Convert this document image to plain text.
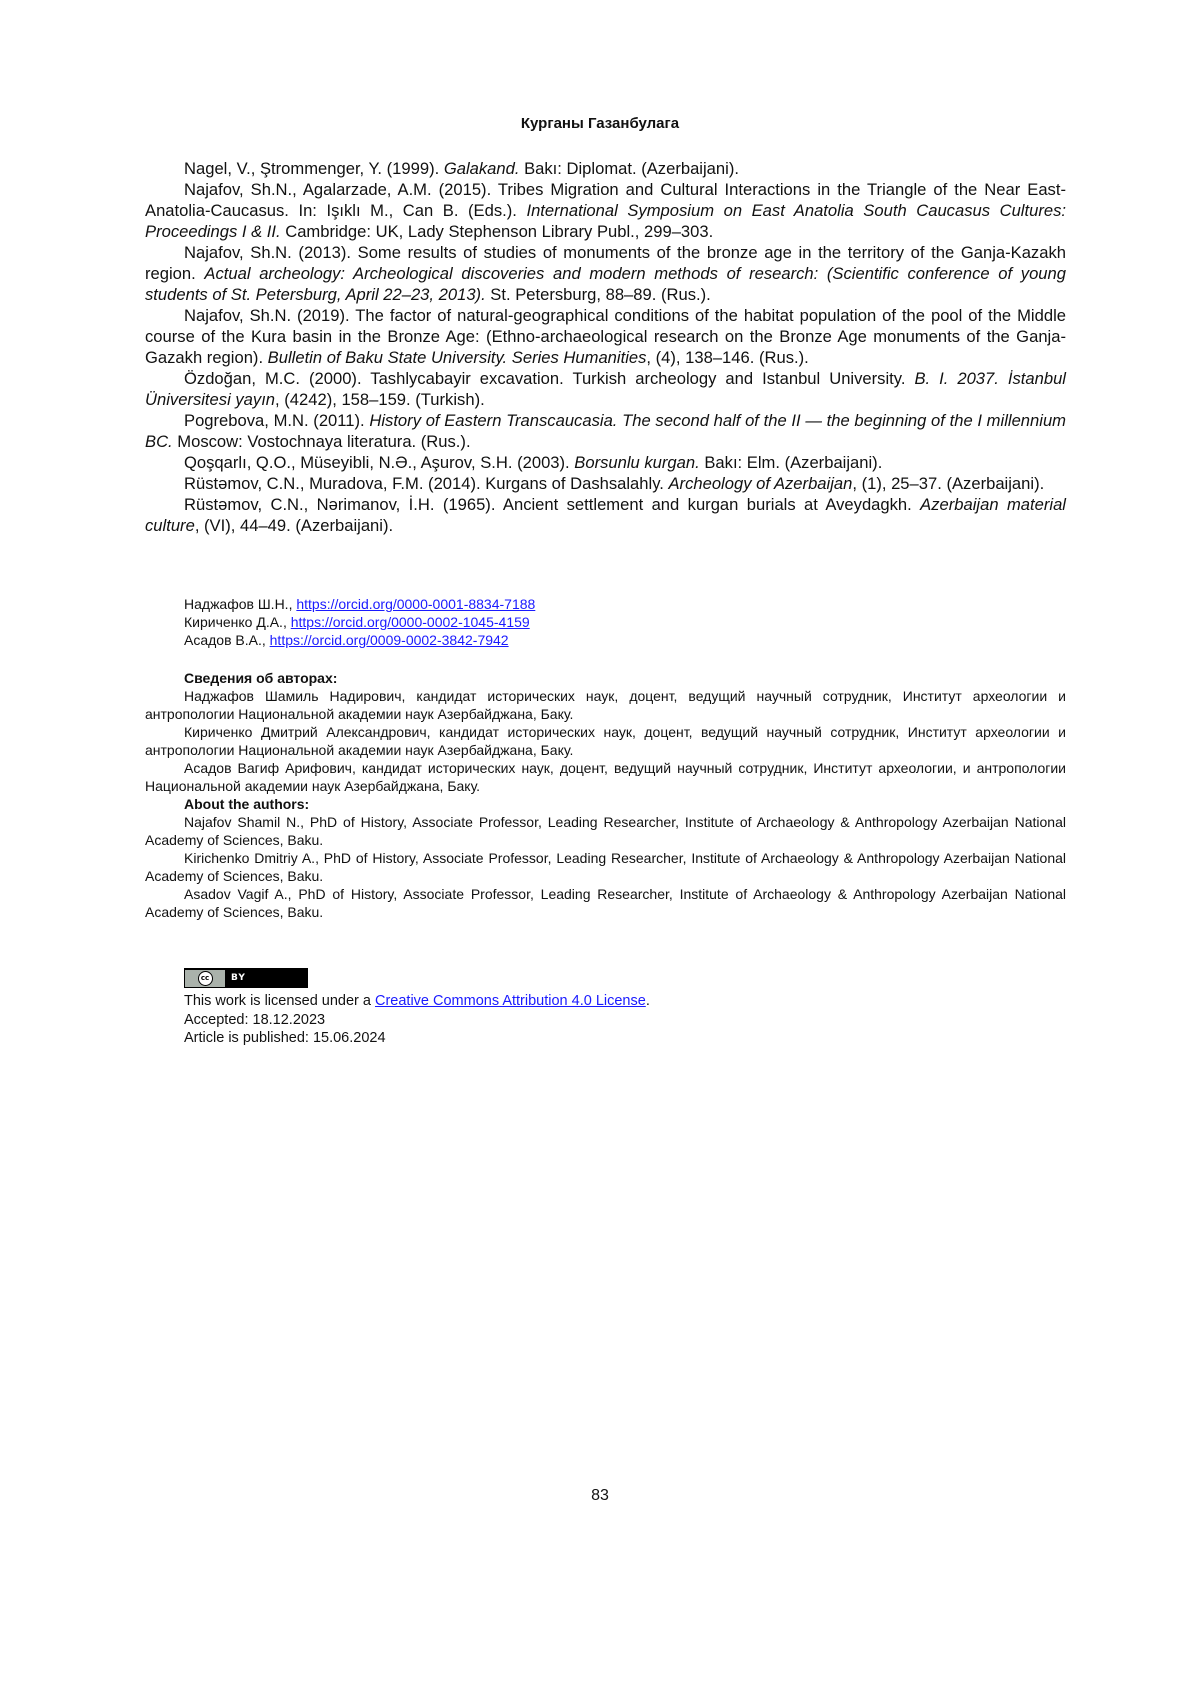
Курганы Газанбулага

Nagel, V., Ştrommenger, Y. (1999). Galakand. Bakı: Diplomat. (Azerbaijani).

Najafov, Sh.N., Agalarzade, A.M. (2015). Tribes Migration and Cultural Interactions in the Triangle of the Near East-Anatolia-Caucasus. In: Işıklı M., Can B. (Eds.). International Symposium on East Anatolia South Caucasus Cultures: Proceedings I & II. Cambridge: UK, Lady Stephenson Library Publ., 299–303.

Najafov, Sh.N. (2013). Some results of studies of monuments of the bronze age in the territory of the Ganja-Kazakh region. Actual archeology: Archeological discoveries and modern methods of research: (Scientific conference of young students of St. Petersburg, April 22–23, 2013). St. Petersburg, 88–89. (Rus.).

Najafov, Sh.N. (2019). The factor of natural-geographical conditions of the habitat population of the pool of the Middle course of the Kura basin in the Bronze Age: (Ethno-archaeological research on the Bronze Age monuments of the Ganja-Gazakh region). Bulletin of Baku State University. Series Humanities, (4), 138–146. (Rus.).

Özdoğan, M.C. (2000). Tashlycabayir excavation. Turkish archeology and Istanbul University. B. I. 2037. İstanbul Üniversitesi yayın, (4242), 158–159. (Turkish).

Pogrebova, M.N. (2011). History of Eastern Transcaucasia. The second half of the II — the beginning of the I millennium BC. Moscow: Vostochnaya literatura. (Rus.).

Qoşqarlı, Q.O., Müseyibli, N.Ə., Aşurov, S.H. (2003). Borsunlu kurgan. Bakı: Elm. (Azerbaijani).

Rüstəmov, C.N., Muradova, F.M. (2014). Kurgans of Dashsalahly. Archeology of Azerbaijan, (1), 25–37. (Azerbaijani).

Rüstəmov, C.N., Nərimanov, İ.H. (1965). Ancient settlement and kurgan burials at Aveydagkh. Azerbaijan material culture, (VI), 44–49. (Azerbaijani).

Наджафов Ш.Н., https://orcid.org/0000-0001-8834-7188
Кириченко Д.А., https://orcid.org/0000-0002-1045-4159
Асадов В.А., https://orcid.org/0009-0002-3842-7942

Сведения об авторах:

Наджафов Шамиль Надирович, кандидат исторических наук, доцент, ведущий научный сотрудник, Институт археологии и антропологии Национальной академии наук Азербайджана, Баку.

Кириченко Дмитрий Александрович, кандидат исторических наук, доцент, ведущий научный сотрудник, Институт археологии и антропологии Национальной академии наук Азербайджана, Баку.

Асадов Вагиф Арифович, кандидат исторических наук, доцент, ведущий научный сотрудник, Институт археологии, и антропологии Национальной академии наук Азербайджана, Баку.

About the authors:

Najafov Shamil N., PhD of History, Associate Professor, Leading Researcher, Institute of Archaeology & Anthropology Azerbaijan National Academy of Sciences, Baku.

Kirichenko Dmitriy A., PhD of History, Associate Professor, Leading Researcher, Institute of Archaeology & Anthropology Azerbaijan National Academy of Sciences, Baku.

Asadov Vagif A., PhD of History, Associate Professor, Leading Researcher, Institute of Archaeology & Anthropology Azerbaijan National Academy of Sciences, Baku.

cc	BY
This work is licensed under a Creative Commons Attribution 4.0 License.
Accepted: 18.12.2023
Article is published: 15.06.2024
83
